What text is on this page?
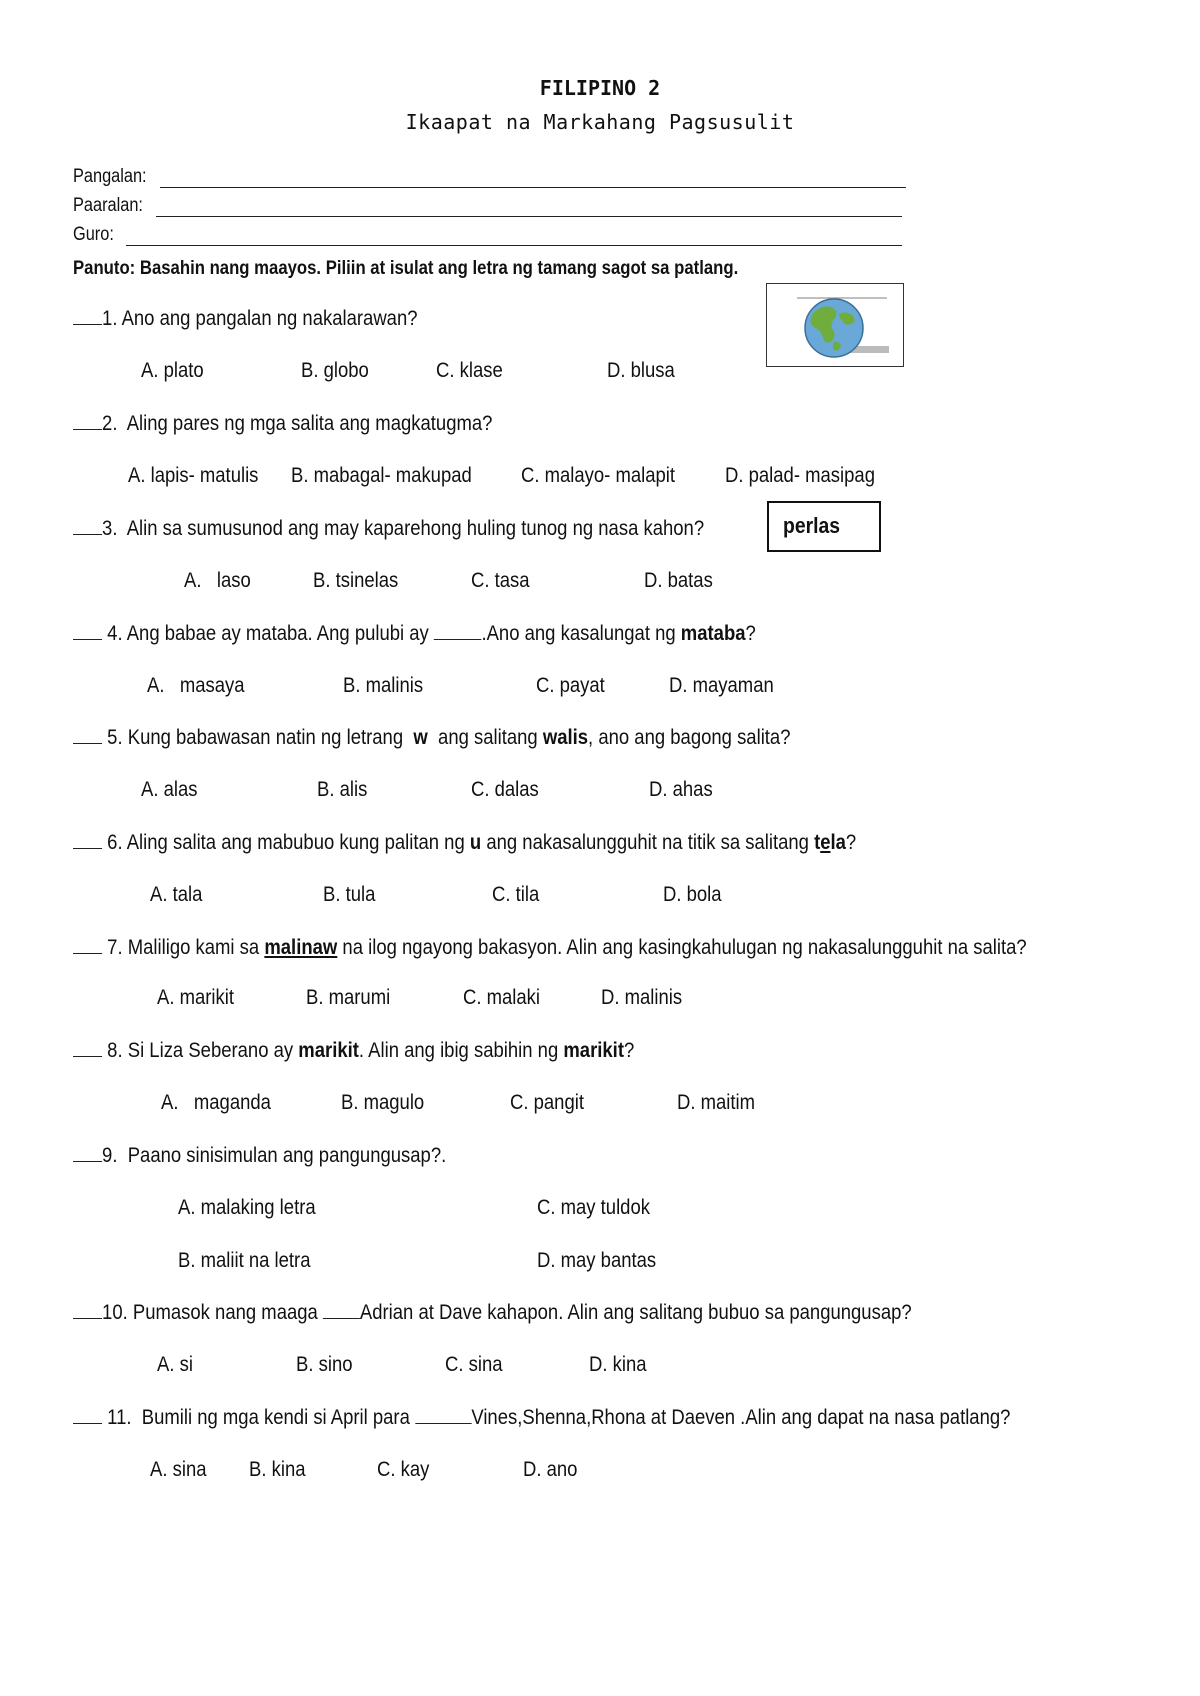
FILIPINO 2
Ikaapat na Markahang Pagsusulit
Pangalan:
Paaralan:
Guro:
Panuto: Basahin nang maayos. Piliin at isulat ang letra ng tamang sagot sa patlang.
1. Ano ang pangalan ng nakalarawan?
A. plato	B. globo	C. klase	D. blusa
2. Aling pares ng mga salita ang magkatugma?
A. lapis- matulis B. mabagal- makupad C. malayo- malapit D. palad- masipag
3. Alin sa sumusunod ang may kaparehong huling tunog ng nasa kahon?	perlas
A.   laso	B. tsinelas	C. tasa	D. batas
4. Ang babae ay mataba. Ang pulubi ay	.Ano ang kasalungat ng mataba?
A.   masaya	B. malinis	C. payat	D. mayaman
5. Kung babawasan natin ng letrang w ang salitang walis, ano ang bagong salita?
A. alas	B. alis	C. dalas	D. ahas
6. Aling salita ang mabubuo kung palitan ng u ang nakasalungguhit na titik sa salitang tela?
A. tala	B. tula	C. tila	D. bola
7. Maliligo kami sa malinaw na ilog ngayong bakasyon. Alin ang kasingkahulugan ng nakasalungguhit na salita?
A. marikit	B. marumi	C. malaki	D. malinis
8. Si Liza Seberano ay marikit. Alin ang ibig sabihin ng marikit?
A.   maganda	B. magulo	C. pangit	D. maitim
9. Paano sinisimulan ang pangungusap?.
A. malaking letra	C. may tuldok
B. maliit na letra	D. may bantas
10. Pumasok nang maaga Adrian at Dave kahapon. Alin ang salitang bubuo sa pangungusap?
A. si	B. sino	C. sina	D. kina
11. Bumili ng mga kendi si April para	Vines,Shenna,Rhona at Daeven .Alin ang dapat na nasa patlang?
A. sina B. kina	C. kay	D. ano
